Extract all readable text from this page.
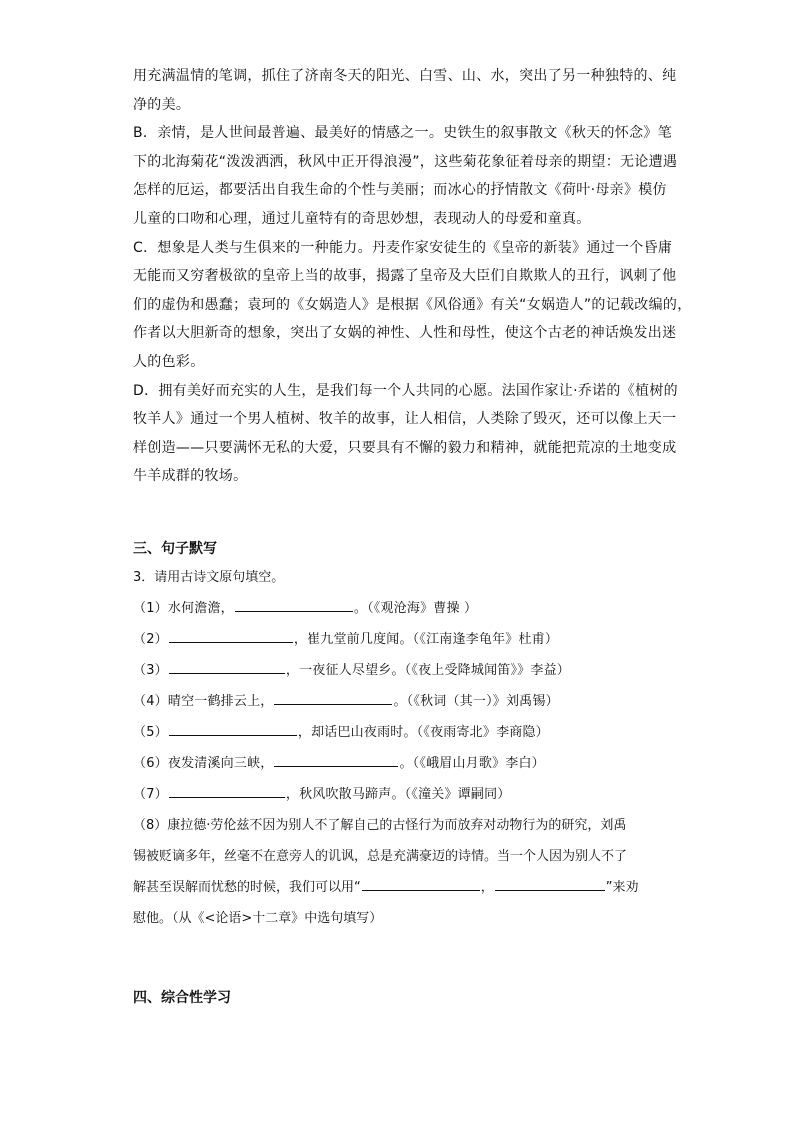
用充满温情的笔调，抓住了济南冬天的阳光、白雪、山、水，突出了另一种独特的、纯
净的美。
B．亲情，是人世间最普遍、最美好的情感之一。史铁生的叙事散文《秋天的怀念》笔
下的北海菊花“泼泼洒洒，秋风中正开得浪漫”，这些菊花象征着母亲的期望：无论遭遇
怎样的厄运，都要活出自我生命的个性与美丽；而冰心的抒情散文《荷叶·母亲》模仿
儿童的口吻和心理，通过儿童特有的奇思妙想，表现动人的母爱和童真。
C．想象是人类与生俱来的一种能力。丹麦作家安徒生的《皇帝的新装》通过一个昏庸
无能而又穷奢极欲的皇帝上当的故事，揭露了皇帝及大臣们自欺欺人的丑行，讽刺了他
们的虚伪和愚蠢；袁珂的《女娲造人》是根据《风俗通》有关“女娲造人”的记载改编的，
作者以大胆新奇的想象，突出了女娲的神性、人性和母性，使这个古老的神话焕发出迷
人的色彩。
D．拥有美好而充实的人生，是我们每一个人共同的心愿。法国作家让·乔诺的《植树的
牧羊人》通过一个男人植树、牧羊的故事，让人相信，人类除了毁灭，还可以像上天一
样创造——只要满怀无私的大爱，只要具有不懈的毅力和精神，就能把荒凉的土地变成
牛羊成群的牧场。
三、句子默写
3．请用古诗文原句填空。
（1）水何澹澹，	。（《观沧海》曹操 ）
（2）	，崔九堂前几度闻。（《江南逢李龟年》杜甫）
（3）	，一夜征人尽望乡。（《夜上受降城闻笛》》李益）
（4）晴空一鹤排云上，	。（《秋词（其一）》刘禹锡）
（5）	，却话巴山夜雨时。（《夜雨寄北》李商隐）
（6）夜发清溪向三峡，	。（《峨眉山月歌》李白）
（7）	，秋风吹散马蹄声。（《潼关》谭嗣同）
（8）康拉德·劳伦兹不因为别人不了解自己的古怪行为而放弃对动物行为的研究，刘禹
锡被贬谪多年，丝毫不在意旁人的讥讽，总是充满豪迈的诗情。当一个人因为别人不了
解甚至误解而忧愁的时候，我们可以用“	，	”来劝
慰他。（从《<论语>十二章》中选句填写）
四、综合性学习
